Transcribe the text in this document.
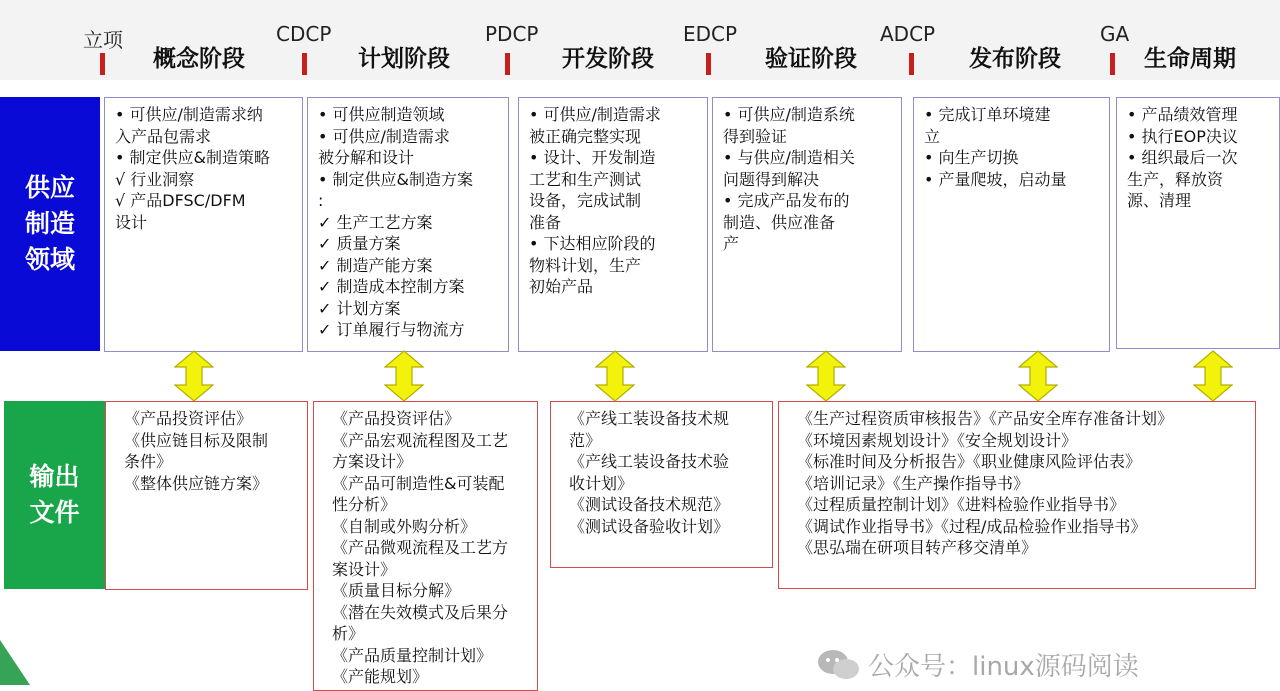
立项	CDCP	PDCP	EDCP	ADCP	GA
概念阶段	计划阶段	开发阶段	验证阶段	发布阶段	生命周期
供应
制造
领域
输出
文件
• 可供应/制造需求纳
入产品包需求
• 制定供应&制造策略
√ 行业洞察
√ 产品DFSC/DFM
设计
• 可供应制造领域
• 可供应/制造需求
被分解和设计
• 制定供应&制造方案
:
✓ 生产工艺方案
✓ 质量方案
✓ 制造产能方案
✓ 制造成本控制方案
✓ 计划方案
✓ 订单履行与物流方
• 可供应/制造需求
被正确完整实现
• 设计、开发制造
工艺和生产测试
设备，完成试制
准备
• 下达相应阶段的
物料计划，生产
初始产品
• 可供应/制造系统
得到验证
• 与供应/制造相关
问题得到解决
• 完成产品发布的
制造、供应准备
产
• 完成订单环境建
立
• 向生产切换
• 产量爬坡，启动量
• 产品绩效管理
• 执行EOP决议
• 组织最后一次
生产，释放资
源、清理
《产品投资评估》
《供应链目标及限制
条件》
《整体供应链方案》
《产品投资评估》
《产品宏观流程图及工艺
方案设计》
《产品可制造性&可装配
性分析》
《自制或外购分析》
《产品微观流程及工艺方
案设计》
《质量目标分解》
《潜在失效模式及后果分
析》
《产品质量控制计划》
《产能规划》
《产线工装设备技术规
范》
《产线工装设备技术验
收计划》
《测试设备技术规范》
《测试设备验收计划》
《生产过程资质审核报告》《产品安全库存准备计划》
《环境因素规划设计》《安全规划设计》
《标准时间及分析报告》《职业健康风险评估表》
《培训记录》《生产操作指导书》
《过程质量控制计划》《进料检验作业指导书》
《调试作业指导书》《过程/成品检验作业指导书》
《思弘瑞在研项目转产移交清单》
公众号：linux源码阅读
